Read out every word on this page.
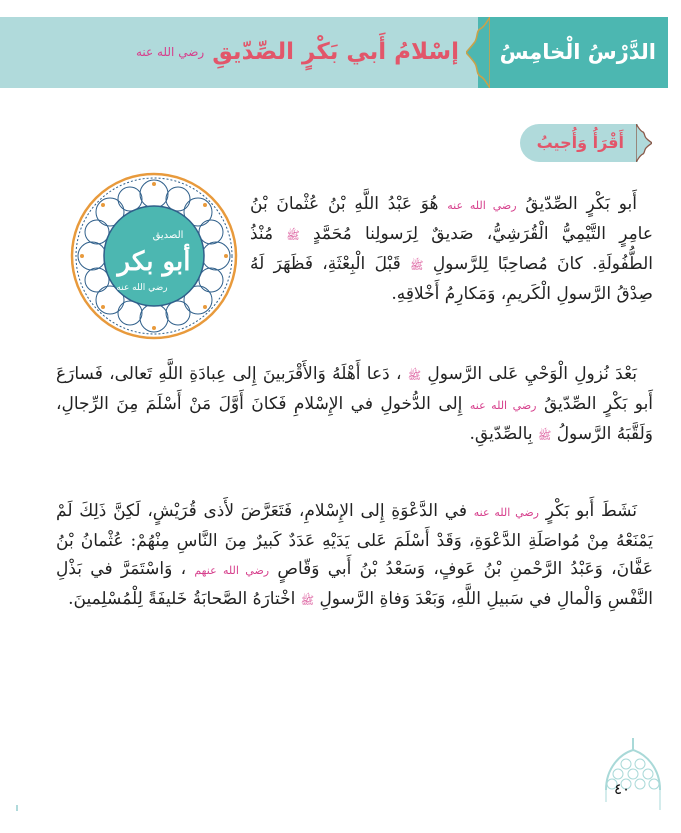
الدَّرْسُ الْخامِسُ
إسْلامُ أَبي بَكْرٍ الصِّدّيقِ رضي الله عنه
أَقْرَأُ وَأُجيبُ
أبو بكر
الصديق
رضي الله عنه

أَبو بَكْرٍ الصِّدّيقُ رضي الله عنه هُوَ عَبْدُ اللَّهِ بْنُ عُثْمانَ بْنُ عامِرٍ التَّيْمِيُّ الْقُرَشِيُّ، صَديقٌ لِرَسولِنا مُحَمَّدٍ ﷺ مُنْذُ الطُّفُولَةِ. كانَ مُصاحِبًا لِلرَّسولِ ﷺ قَبْلَ الْبِعْثَةِ، فَظَهَرَ لَهُ صِدْقُ الرَّسولِ الْكَريمِ، وَمَكارِمُ أَخْلاقِهِ.

بَعْدَ نُزولِ الْوَحْيِ عَلى الرَّسولِ ﷺ ، دَعا أَهْلَهُ وَالأَقْرَبينَ إِلى عِبادَةِ اللَّهِ تَعالى، فَسارَعَ أَبو بَكْرٍ الصِّدّيقُ رضي الله عنه إِلى الدُّخولِ في الإِسْلامِ فَكانَ أَوَّلَ مَنْ أَسْلَمَ مِنَ الرِّجالِ، وَلَقَّبَهُ الرَّسولُ ﷺ بِالصِّدّيقِ.

نَشَطَ أَبو بَكْرٍ رضي الله عنه في الدَّعْوَةِ إِلى الإِسْلامِ، فَتَعَرَّضَ لأَذى قُرَيْشٍ، لَكِنَّ ذَلِكَ لَمْ يَمْنَعْهُ مِنْ مُواصَلَةِ الدَّعْوَةِ، وَقَدْ أَسْلَمَ عَلى يَدَيْهِ عَدَدٌ كَبيرٌ مِنَ النَّاسِ مِنْهُمْ: عُثْمانُ بْنُ عَفَّانَ، وَعَبْدُ الرَّحْمنِ بْنُ عَوفٍ، وَسَعْدُ بْنُ أَبي وَقّاصٍ رضي الله عنهم ، وَاسْتَمَرَّ في بَذْلِ النَّفْسِ وَالْمالِ في سَبيلِ اللَّهِ، وَبَعْدَ وَفاةِ الرَّسولِ ﷺ اخْتارَهُ الصَّحابَةُ خَليفَةً لِلْمُسْلِمينَ.

٤٠
